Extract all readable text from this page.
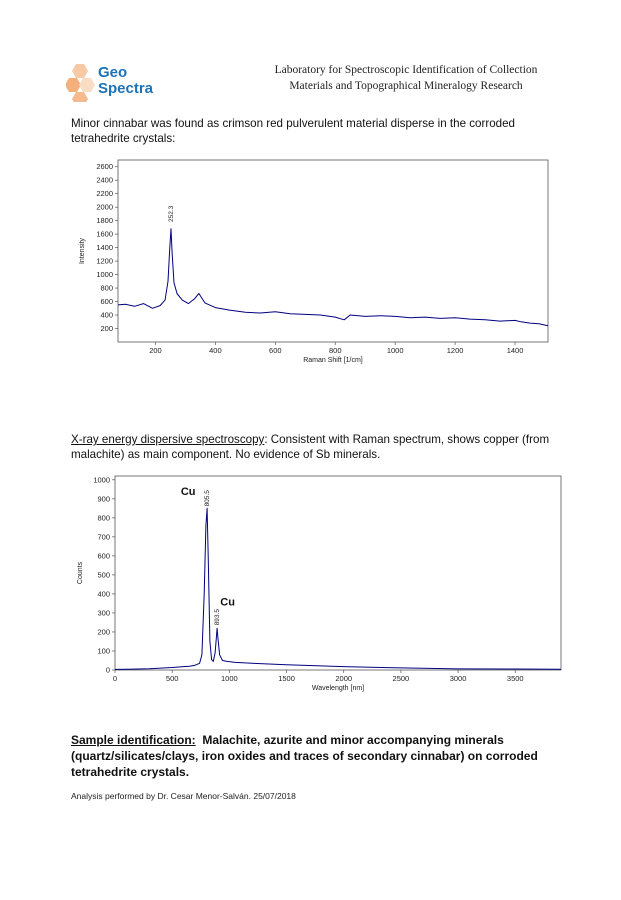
Geo
Spectra
Laboratory for Spectroscopic Identification of Collection
Materials and Topographical Mineralogy Research
Minor cinnabar was found as crimson red pulverulent material disperse in the corroded tetrahedrite crystals:
200
400
600
800
1000
1200
1400
1600
1800
2000
2200
2400
2600
200	400	600	800	1000	1200	1400
Raman Shift [1/cm]
Intensity
252.3
X-ray energy dispersive spectroscopy: Consistent with Raman spectrum, shows copper (from malachite) as main component. No evidence of Sb minerals.
0
100
200
300
400
500
600
700
800
900
1000
0	500	1000	1500	2000	2500	3000	3500
Wavelength [nm]
Counts
805.5
893.5
Cu
Cu
Sample identification: Malachite, azurite and minor accompanying minerals (quartz/silicates/clays, iron oxides and traces of secondary cinnabar) on corroded tetrahedrite crystals.
Analysis performed by Dr. Cesar Menor-Salván. 25/07/2018
